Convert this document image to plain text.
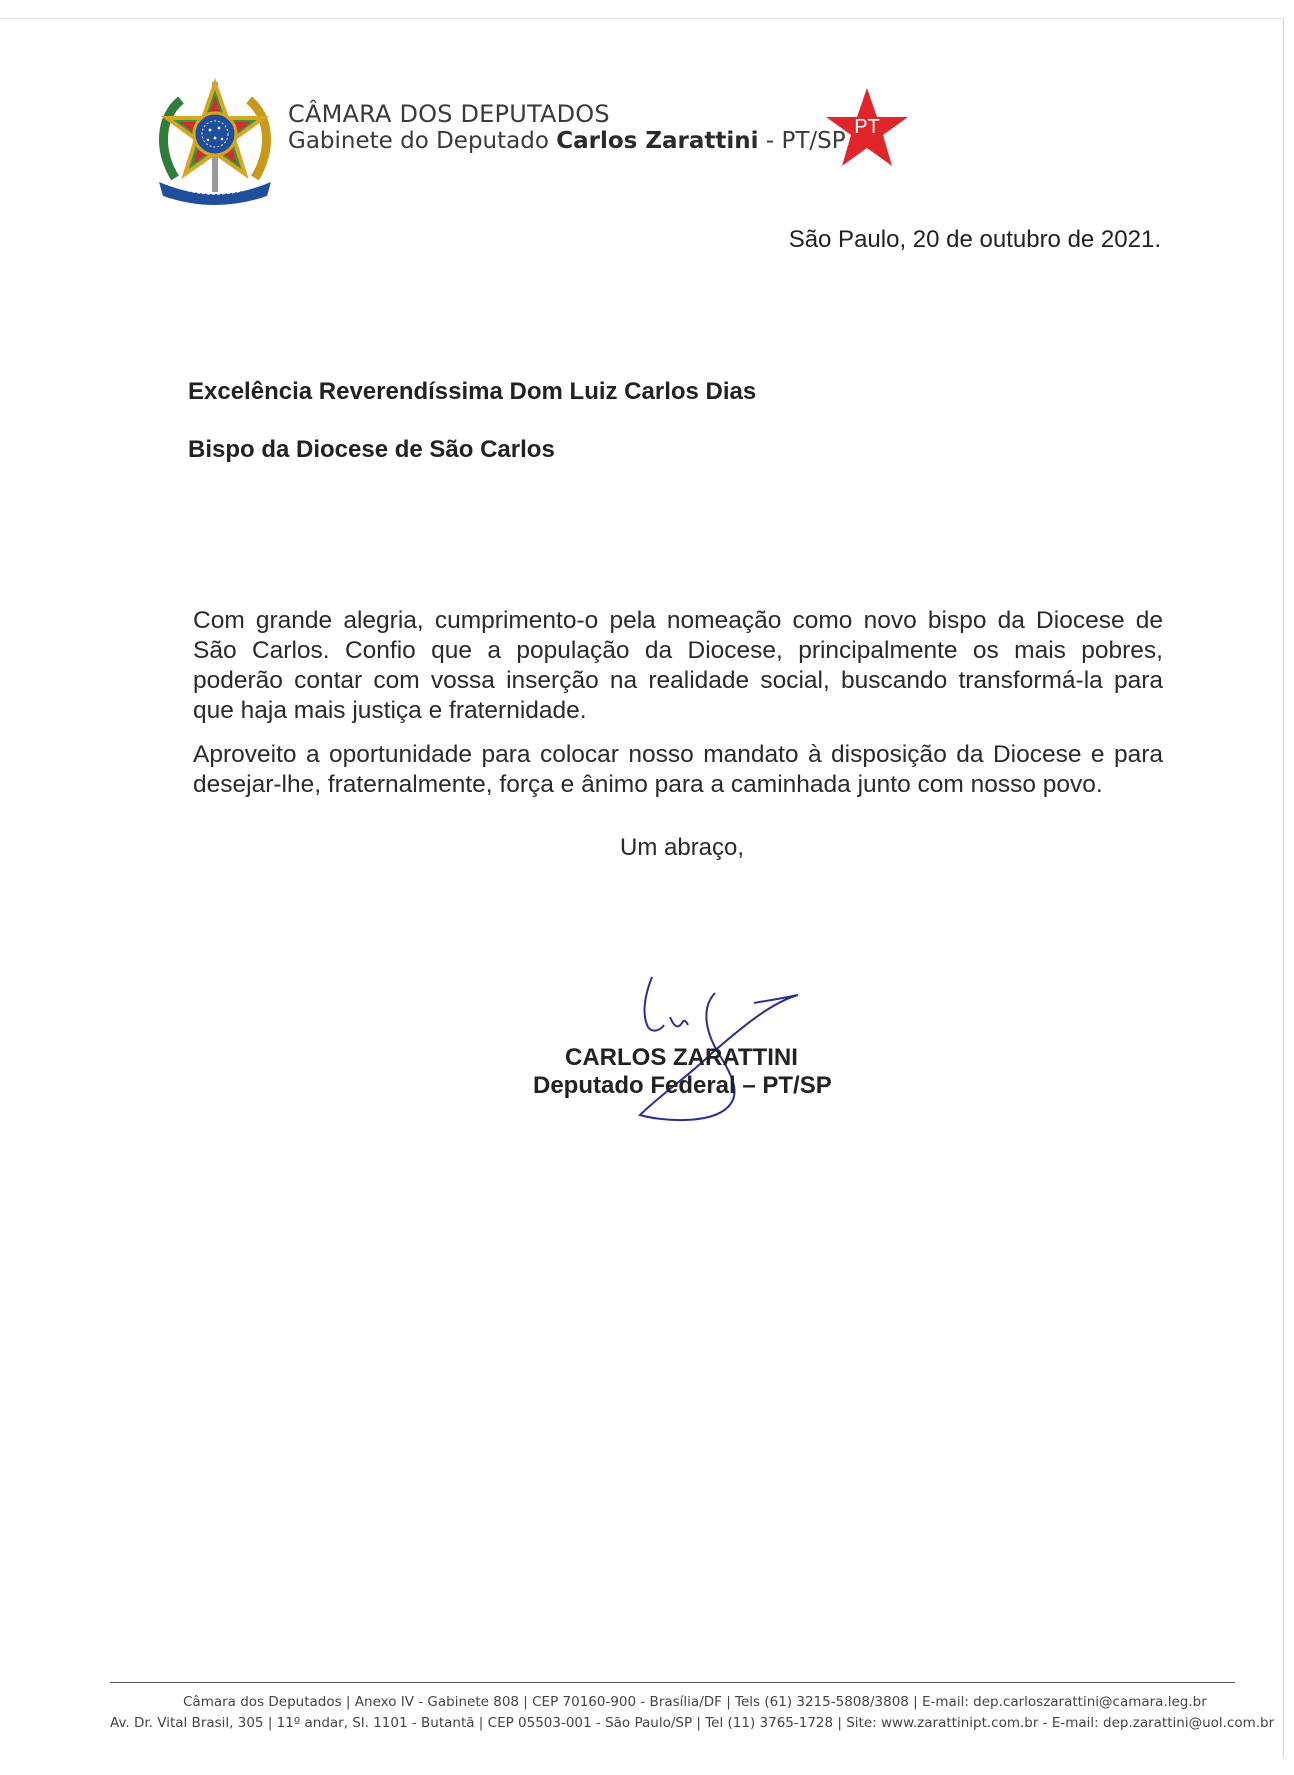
CÂMARA DOS DEPUTADOS
Gabinete do Deputado Carlos Zarattini - PT/SP
PT
São Paulo, 20 de outubro de 2021.
Excelência Reverendíssima Dom Luiz Carlos Dias
Bispo da Diocese de São Carlos
Com grande alegria, cumprimento-o pela nomeação como novo bispo da Diocese de São Carlos. Confio que a população da Diocese, principalmente os mais pobres, poderão contar com vossa inserção na realidade social, buscando transformá-la para que haja mais justiça e fraternidade.
Aproveito a oportunidade para colocar nosso mandato à disposição da Diocese e para desejar-lhe, fraternalmente, força e ânimo para a caminhada junto com nosso povo.
Um abraço,
CARLOS ZARATTINI
Deputado Federal – PT/SP
Câmara dos Deputados | Anexo IV - Gabinete 808 | CEP 70160-900 - Brasília/DF | Tels (61) 3215-5808/3808 | E-mail: dep.carloszarattini@camara.leg.br
Av. Dr. Vital Brasil, 305 | 11º andar, Sl. 1101 - Butantã | CEP 05503-001 - São Paulo/SP | Tel (11) 3765-1728 | Site: www.zarattinipt.com.br - E-mail: dep.zarattini@uol.com.br
